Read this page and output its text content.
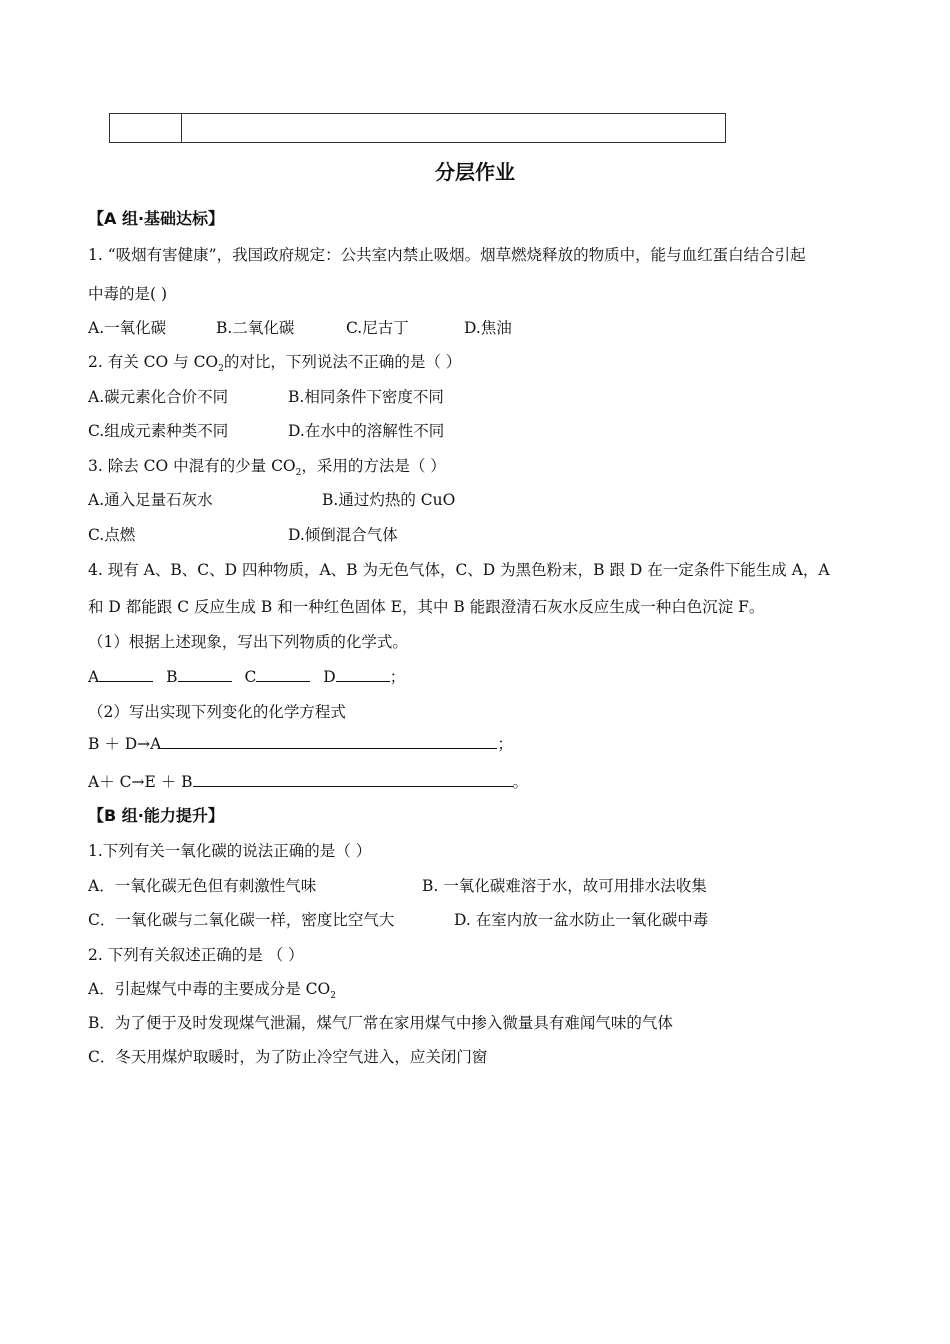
分层作业
【A 组·基础达标】
1. “吸烟有害健康”，我国政府规定：公共室内禁止吸烟。烟草燃烧释放的物质中，能与血红蛋白结合引起
中毒的是( )
A.一氧化碳	B.二氧化碳	C.尼古丁	D.焦油
2. 有关 CO 与 $CO_2$的对比，下列说法不正确的是（ ）
A.碳元素化合价不同	B.相同条件下密度不同
C.组成元素种类不同	D.在水中的溶解性不同
3. 除去 CO 中混有的少量 $CO_2$，采用的方法是（ ）
A.通入足量石灰水	B.通过灼热的 CuO
C.点燃	D.倾倒混合气体
4. 现有 A、B、C、D 四种物质，A、B 为无色气体，C、D 为黑色粉末，B 跟 D 在一定条件下能生成 A，A
和 D 都能跟 C 反应生成 B 和一种红色固体 E，其中 B 能跟澄清石灰水反应生成一种白色沉淀 F。
（1）根据上述现象，写出下列物质的化学式。
A	B	C	D	；
（2）写出实现下列变化的化学方程式
B ＋ D→A	；
A＋ C→E ＋ B	。
【B 组·能力提升】
1.下列有关一氧化碳的说法正确的是（ ）
A．一氧化碳无色但有刺激性气味	B. 一氧化碳难溶于水，故可用排水法收集
C．一氧化碳与二氧化碳一样，密度比空气大	D. 在室内放一盆水防止一氧化碳中毒
2. 下列有关叙述正确的是 （ ）
A．引起煤气中毒的主要成分是 $CO_2$
B．为了便于及时发现煤气泄漏，煤气厂常在家用煤气中掺入微量具有难闻气味的气体
C．冬天用煤炉取暖时，为了防止冷空气进入，应关闭门窗
